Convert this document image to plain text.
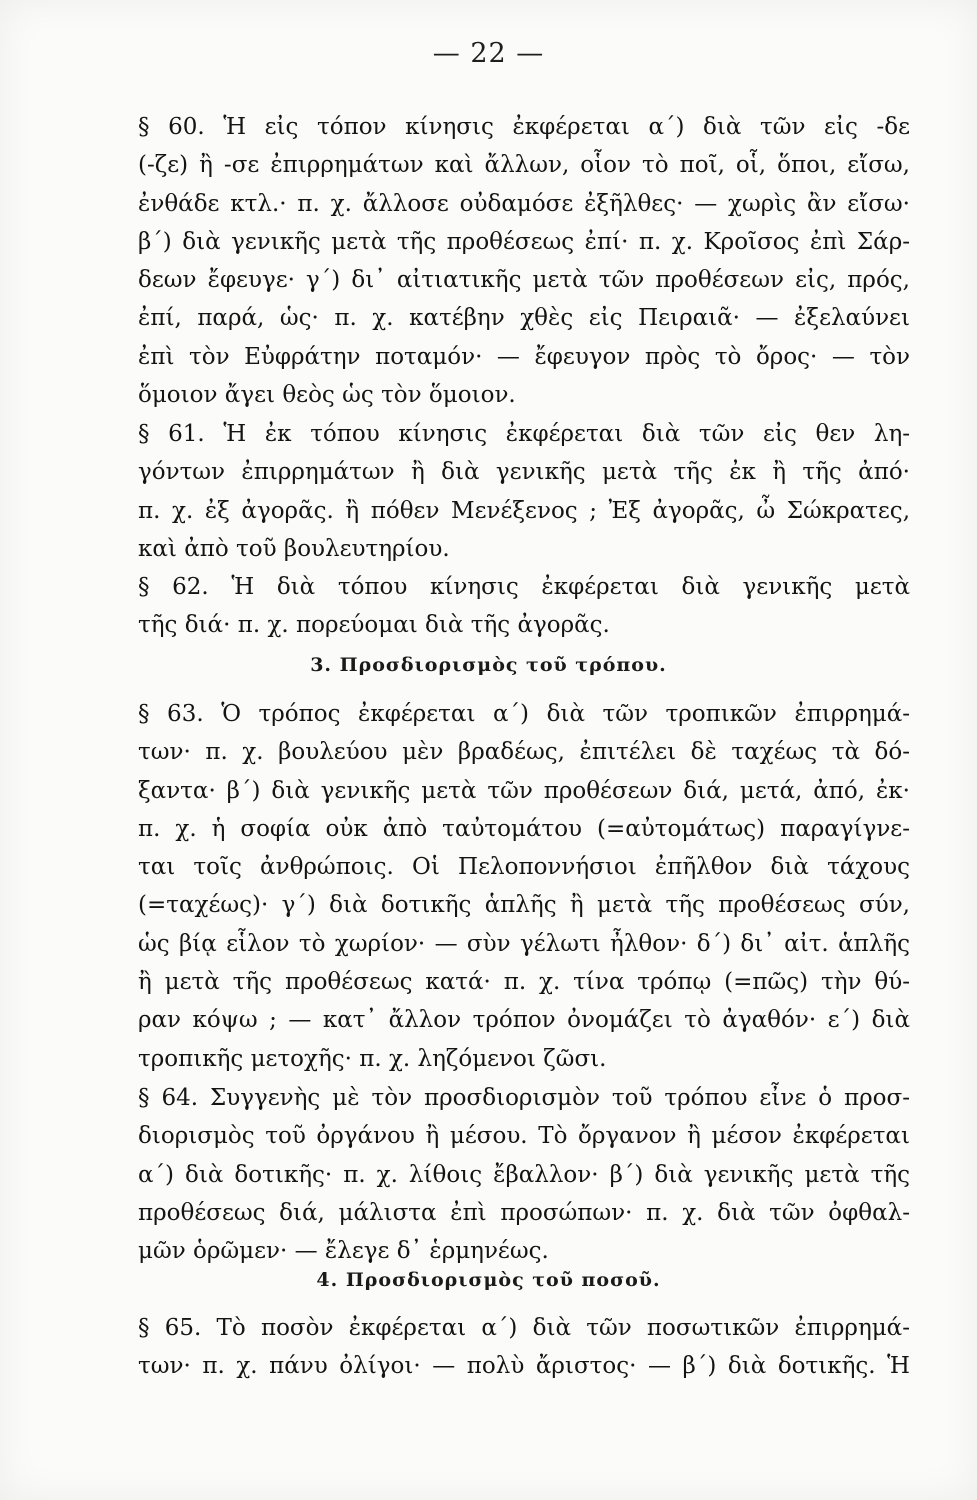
— 22 —
§ 60. Ἡ εἰς τόπον κίνησις ἐκφέρεται α΄) διὰ τῶν εἰς -δε
(-ζε) ἢ -σε ἐπιρρημάτων καὶ ἄλλων, οἷον τὸ ποῖ, οἷ, ὅποι, εἴσω,
ἐνθάδε κτλ.· π. χ. ἄλλοσε οὐδαμόσε ἐξῆλθες· — χωρὶς ἂν εἴσω·
β΄) διὰ γενικῆς μετὰ τῆς προθέσεως ἐπί· π. χ. Κροῖσος ἐπὶ Σάρ-
δεων ἔφευγε· γ΄) δι᾽ αἰτιατικῆς μετὰ τῶν προθέσεων εἰς, πρός,
ἐπί, παρά, ὡς· π. χ. κατέβην χθὲς εἰς Πειραιᾶ· — ἐξελαύνει
ἐπὶ τὸν Εὐφράτην ποταμόν· — ἔφευγον πρὸς τὸ ὄρος· — τὸν
ὅμοιον ἄγει θεὸς ὡς τὸν ὅμοιον.
§ 61. Ἡ ἐκ τόπου κίνησις ἐκφέρεται διὰ τῶν εἰς θεν λη-
γόντων ἐπιρρημάτων ἢ διὰ γενικῆς μετὰ τῆς ἐκ ἢ τῆς ἀπό·
π. χ. ἐξ ἀγορᾶς. ἢ πόθεν Μενέξενος ; Ἐξ ἀγορᾶς, ὦ Σώκρατες,
καὶ ἀπὸ τοῦ βουλευτηρίου.
§ 62. Ἡ διὰ τόπου κίνησις ἐκφέρεται διὰ γενικῆς μετὰ
τῆς διά· π. χ. πορεύομαι διὰ τῆς ἀγορᾶς.
3. Προσδιορισμὸς τοῦ τρόπου.
§ 63. Ὁ τρόπος ἐκφέρεται α΄) διὰ τῶν τροπικῶν ἐπιρρημά-
των· π. χ. βουλεύου μὲν βραδέως, ἐπιτέλει δὲ ταχέως τὰ δό-
ξαντα· β΄) διὰ γενικῆς μετὰ τῶν προθέσεων διά, μετά, ἀπό, ἐκ·
π. χ. ἡ σοφία οὐκ ἀπὸ ταὐτομάτου (=αὐτομάτως) παραγίγνε-
ται τοῖς ἀνθρώποις. Οἱ Πελοποννήσιοι ἐπῆλθον διὰ τάχους
(=ταχέως)· γ΄) διὰ δοτικῆς ἁπλῆς ἢ μετὰ τῆς προθέσεως σύν,
ὡς βίᾳ εἷλον τὸ χωρίον· — σὺν γέλωτι ἦλθον· δ΄) δι᾽ αἰτ. ἁπλῆς
ἢ μετὰ τῆς προθέσεως κατά· π. χ. τίνα τρόπῳ (=πῶς) τὴν θύ-
ραν κόψω ; — κατ᾽ ἄλλον τρόπον ὀνομάζει τὸ ἀγαθόν· ε΄) διὰ
τροπικῆς μετοχῆς· π. χ. ληζόμενοι ζῶσι.
§ 64. Συγγενὴς μὲ τὸν προσδιορισμὸν τοῦ τρόπου εἶνε ὁ προσ-
διορισμὸς τοῦ ὀργάνου ἢ μέσου. Τὸ ὄργανον ἢ μέσον ἐκφέρεται
α΄) διὰ δοτικῆς· π. χ. λίθοις ἔβαλλον· β΄) διὰ γενικῆς μετὰ τῆς
προθέσεως διά, μάλιστα ἐπὶ προσώπων· π. χ. διὰ τῶν ὀφθαλ-
μῶν ὁρῶμεν· — ἔλεγε δ᾽ ἑρμηνέως.
4. Προσδιορισμὸς τοῦ ποσοῦ.
§ 65. Τὸ ποσὸν ἐκφέρεται α΄) διὰ τῶν ποσωτικῶν ἐπιρρημά-
των· π. χ. πάνυ ὀλίγοι· — πολὺ ἄριστος· — β΄) διὰ δοτικῆς. Ἡ
